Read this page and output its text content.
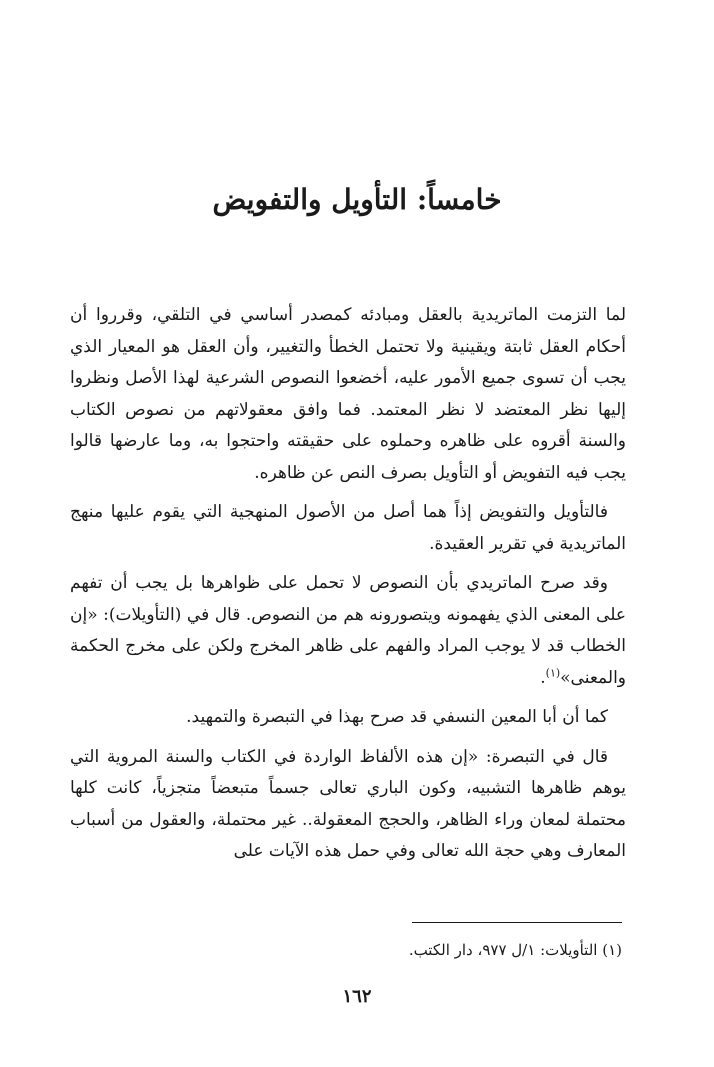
خامساً: التأويل والتفويض

لما التزمت الماتريدية بالعقل ومبادئه كمصدر أساسي في التلقي، وقرروا أن أحكام العقل ثابتة ويقينية ولا تحتمل الخطأ والتغيير، وأن العقل هو المعيار الذي يجب أن تسوى جميع الأمور عليه، أخضعوا النصوص الشرعية لهذا الأصل ونظروا إليها نظر المعتضد لا نظر المعتمد. فما وافق معقولاتهم من نصوص الكتاب والسنة أقروه على ظاهره وحملوه على حقيقته واحتجوا به، وما عارضها قالوا يجب فيه التفويض أو التأويل بصرف النص عن ظاهره.

فالتأويل والتفويض إذاً هما أصل من الأصول المنهجية التي يقوم عليها منهج الماتريدية في تقرير العقيدة.

وقد صرح الماتريدي بأن النصوص لا تحمل على ظواهرها بل يجب أن تفهم على المعنى الذي يفهمونه ويتصورونه هم من النصوص. قال في (التأويلات): «إن الخطاب قد لا يوجب المراد والفهم على ظاهر المخرج ولكن على مخرج الحكمة والمعنى»$^{(١)}$.

كما أن أبا المعين النسفي قد صرح بهذا في التبصرة والتمهيد.

قال في التبصرة: «إن هذه الألفاظ الواردة في الكتاب والسنة المروية التي يوهم ظاهرها التشبيه، وكون الباري تعالى جسماً متبعضاً متجزياً، كانت كلها محتملة لمعان وراء الظاهر، والحجج المعقولة.. غير محتملة، والعقول من أسباب المعارف وهي حجة الله تعالى وفي حمل هذه الآيات على

(١) التأويلات: ١/ل ٩٧٧، دار الكتب.
١٦٢
